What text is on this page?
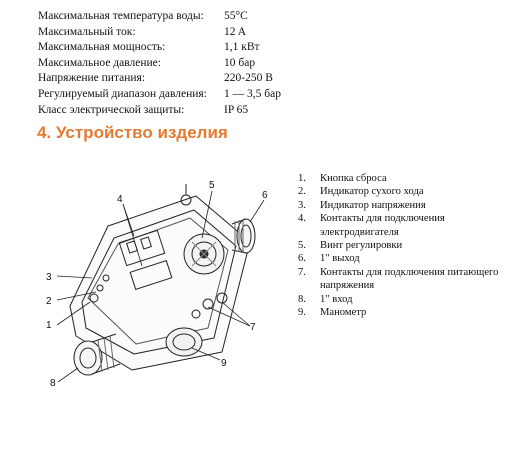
Максимальная температура воды:	55°C
Максимальный ток:	12 A
Максимальная мощность:	1,1 кВт
Максимальное давление:	10 бар
Напряжение питания:	220-250 В
Регулируемый диапазон давления:	1 — 3,5 бар
Класс электрической защиты:	IP 65
4. Устройство изделия
3
2
1
4
5
6
7
8
9
1.	Кнопка сброса
2.	Индикатор сухого хода
3.	Индикатор напряжения
4.	Контакты для подключения электродвигателя
5.	Винт регулировки
6.	1" выход
7.	Контакты для подключения питающего напряжения
8.	1" вход
9.	Манометр
